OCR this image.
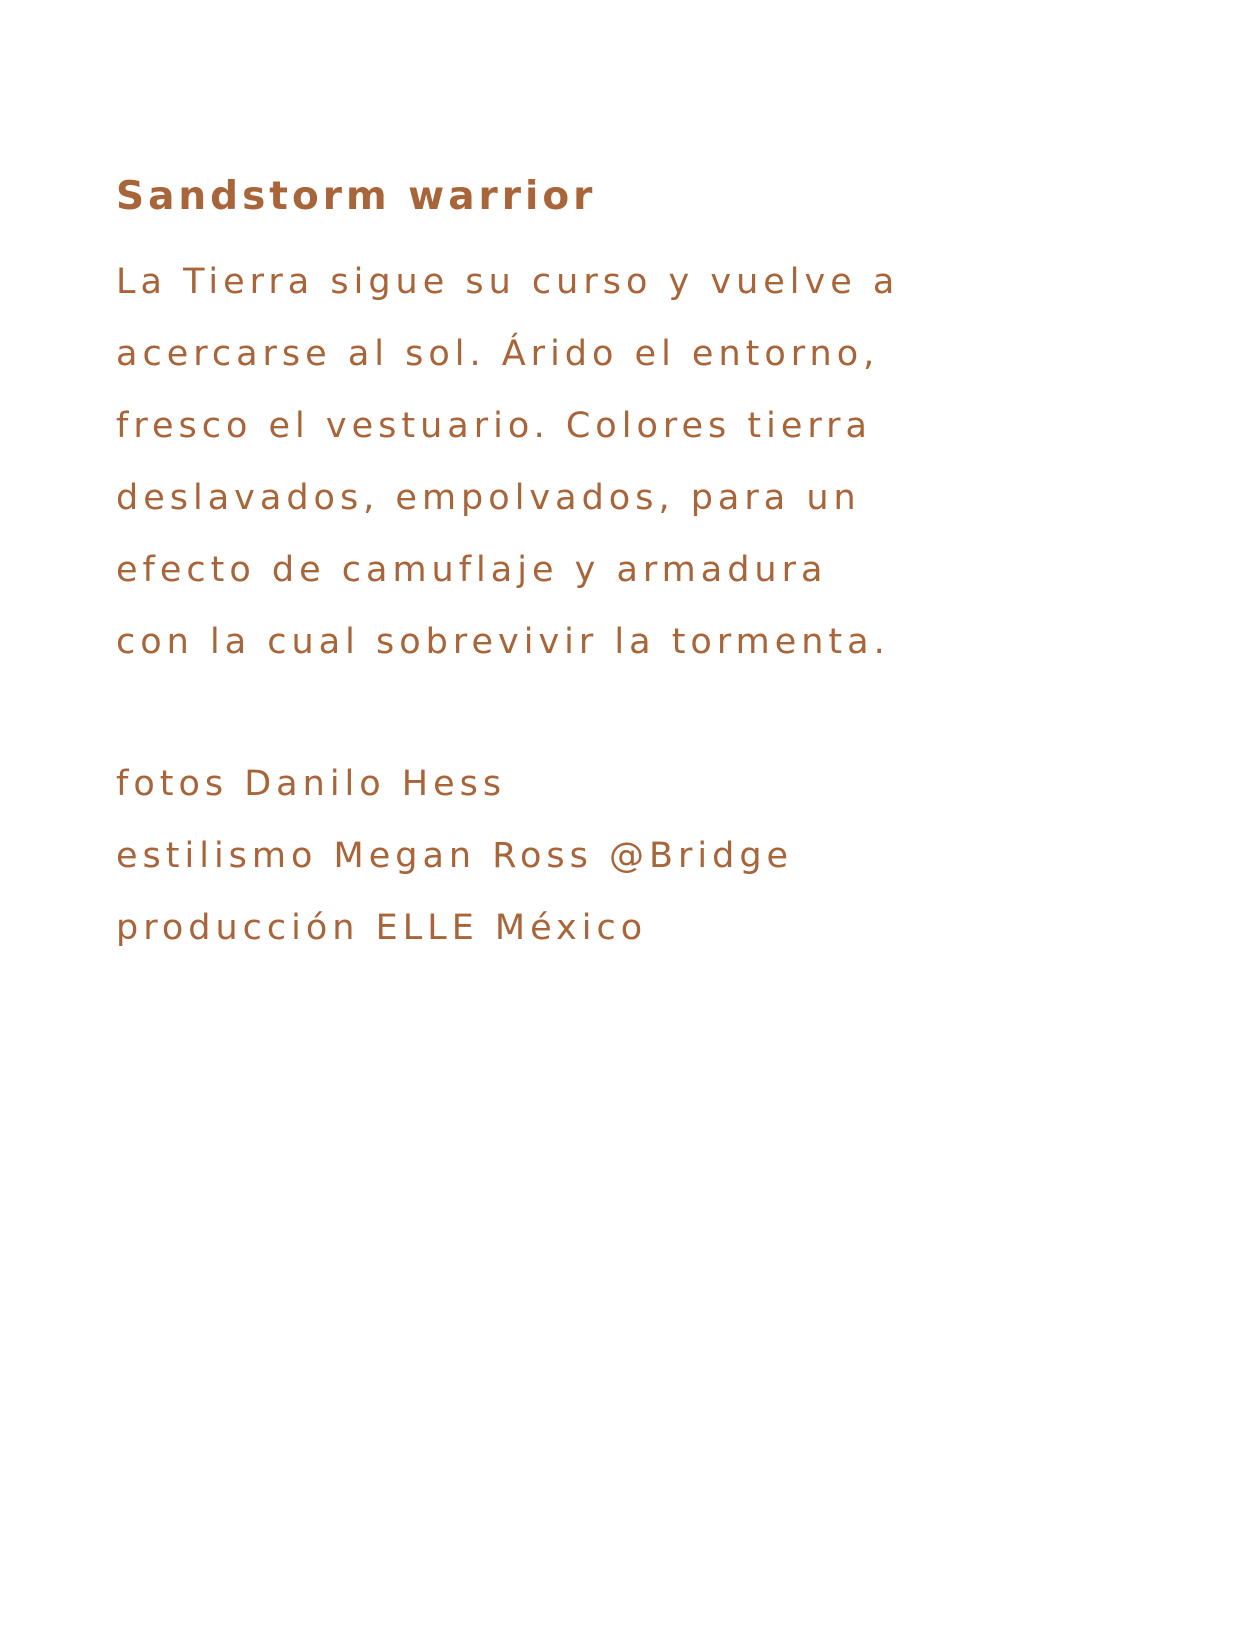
Sandstorm warrior
La Tierra sigue su curso y vuelve a
acercarse al sol. Árido el entorno,
fresco el vestuario. Colores tierra
deslavados, empolvados, para un
efecto de camuflaje y armadura
con la cual sobrevivir la tormenta.
fotos Danilo Hess
estilismo Megan Ross @Bridge
producción ELLE México
